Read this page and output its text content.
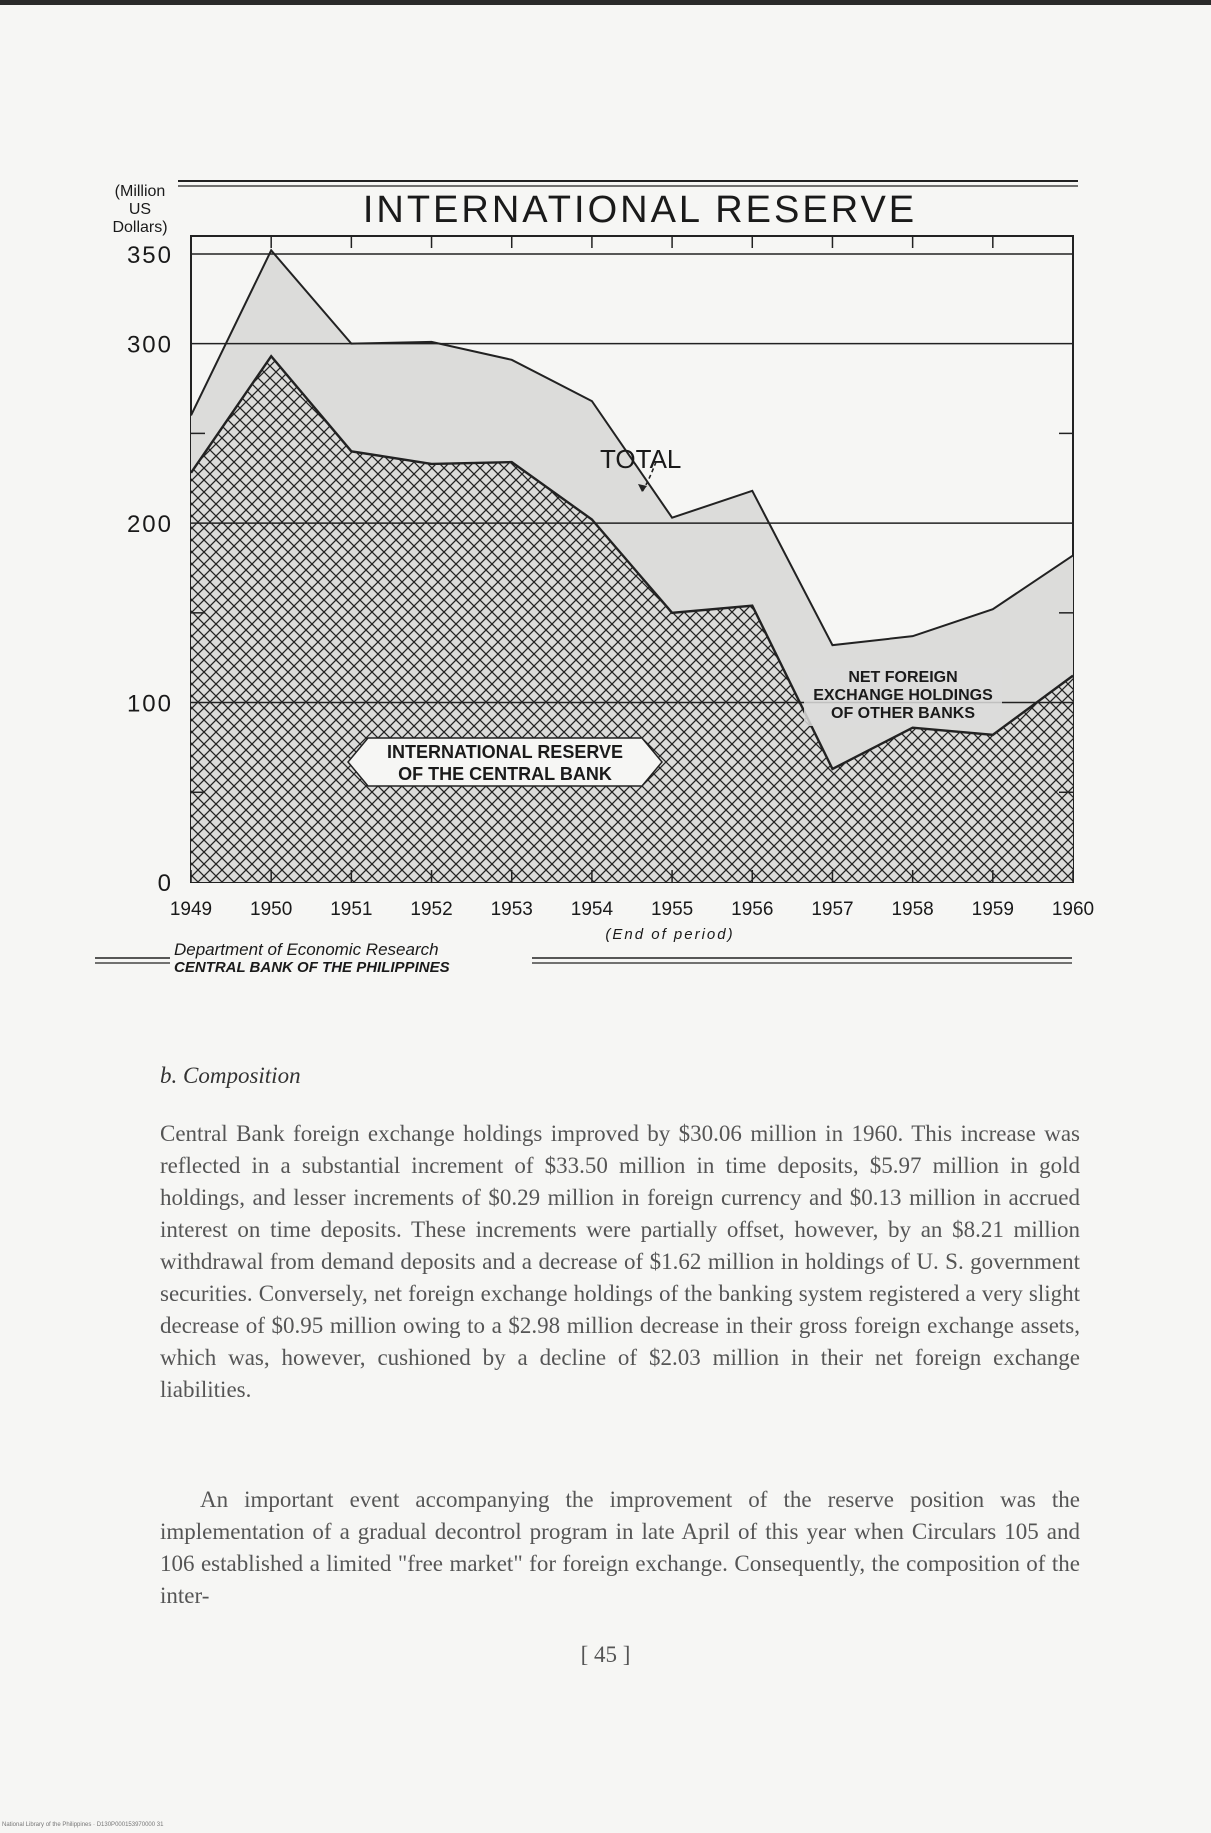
INTERNATIONAL RESERVE
(Million
US
Dollars)
350
300
200
100
0
1949 1950 1951 1952 1953 1954 1955 1956 1957 1958 1959 1960
TOTAL
NET FOREIGN
EXCHANGE HOLDINGS
OF OTHER BANKS
INTERNATIONAL RESERVE
OF THE CENTRAL BANK
(End of period)
Department of Economic Research
CENTRAL BANK OF THE PHILIPPINES
b. Composition

Central Bank foreign exchange holdings improved by $30.06 million in 1960. This increase was reflected in a substantial increment of $33.50 million in time deposits, $5.97 million in gold holdings, and lesser increments of $0.29 million in foreign currency and $0.13 million in accrued interest on time deposits. These increments were partially offset, however, by an $8.21 million withdrawal from demand deposits and a decrease of $1.62 million in holdings of U. S. government securities. Conversely, net foreign exchange holdings of the banking system registered a very slight decrease of $0.95 million owing to a $2.98 million decrease in their gross foreign exchange assets, which was, however, cushioned by a decline of $2.03 million in their net foreign exchange liabilities.

An important event accompanying the improvement of the reserve position was the implementation of a gradual decontrol program in late April of this year when Circulars 105 and 106 established a limited "free market" for foreign exchange. Consequently, the composition of the inter-

[ 45 ]
National Library of the Philippines · D130P000153970000 31
